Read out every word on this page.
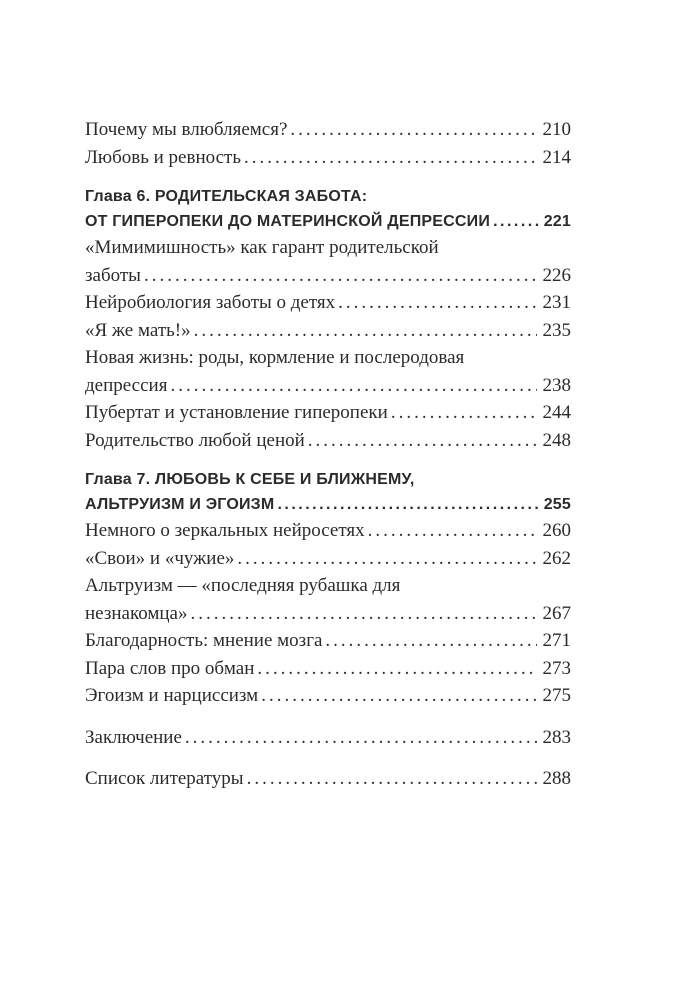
Почему мы влюбляемся? .....	210
Любовь и ревность .....	214
Глава 6. РОДИТЕЛЬСКАЯ ЗАБОТА:
ОТ ГИПЕРОПЕКИ ДО МАТЕРИНСКОЙ ДЕПРЕССИИ .....	221
«Мимимишность» как гарант родительской
заботы .....	226
Нейробиология заботы о детях .....	231
«Я же мать!» .....	235
Новая жизнь: роды, кормление и послеродовая
депрессия .....	238
Пубертат и установление гиперопеки .....	244
Родительство любой ценой .....	248
Глава 7. ЛЮБОВЬ К СЕБЕ И БЛИЖНЕМУ,
АЛЬТРУИЗМ И ЭГОИЗМ .....	255
Немного о зеркальных нейросетях .....	260
«Свои» и «чужие» .....	262
Альтруизм — «последняя рубашка для
незнакомца» .....	267
Благодарность: мнение мозга .....	271
Пара слов про обман .....	273
Эгоизм и нарциссизм .....	275
Заключение .....	283
Список литературы .....	288
